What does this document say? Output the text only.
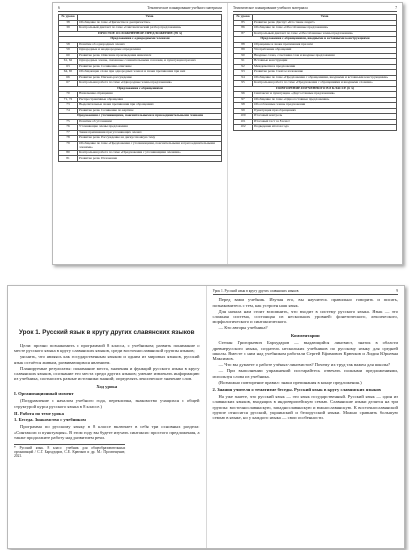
6	Тематическое планирование учебного материала
№ урока	Тема
38	Обобщение по теме «Причастие и деепричастие»
39	Контрольный диктант по теме «Синтаксический разбор предложения»
ПРОСТОЕ ОСЛОЖНЁННОЕ ПРЕДЛОЖЕНИЕ (39 ч)	
Предложения с однородными членами	
58	Понятие об однородных членах
59	Однородные и неоднородные определения
60	Развитие речи. Описание произведения живописи
61, 62	Однородные члены, связанные сочинительными союзами, и пунктуация при них
63	Развитие речи. Сочинение-описание
64, 65	Обобщающие слова при однородных членах и знаки препинания при них
66	Развитие речи. Письмо-рассуждение
67	Контрольная работа по теме «Однородные члены предложения»
Предложения с обращениями	
70	Назначение обращения
71, 72	Распространённые обращения
73	Выделительные знаки препинания при обращениях
74	Развитие речи. Сочинение по картине
Предложения с уточняющими, пояснительными и присоединительными членами	
75	Понятие об уточнении
76	Уточняющие члены предложения
77	Знаки препинания при уточняющих членах
78	Развитие речи. Рассуждение на дискуссионную тему
79	Обобщение по теме «Предложения с уточняющими, пояснительными и присоединительными членами»
80	Контрольная работа по теме «Предложения с уточняющими членами»
81	Развитие речи. Изложение
Тематическое планирование учебного материала	7
№ урока	Тема
85	Развитие речи. Диспут «Кто такие люди?»
86	Обобщение по теме «Обособленные предложения»
87	Контрольный диктант по теме «Обособленные члены предложения»
Предложения с обращениями, вводными и вставными конструкциями	
88	Обращение и знаки препинания при нём
89	Употребление обращений
90	Вводные слова, сочетания слов и вводные предложения
91	Вставные конструкции
92	Междометия в предложении
93	Развитие речи. Сжатое изложение
94	Обобщение по теме «Предложения с обращениями, вводными и вставными конструкциями»
95	Контрольная работа по теме «Предложения с обращениями и вводными словами»
ПОВТОРЕНИЕ ИЗУЧЕННОГО В 8 КЛАССЕ (6 ч)	
96	Синтаксис и пунктуация. «Двусоставные предложения»
97	Обобщение по теме «Односоставные предложения»
98	Обособленные члены предложения
99	Пунктуация при обращениях
100	Итоговый контроль
101	Итоговый тест за 8 класс
102	Подведение итогов года
Урок 1. Русский язык в кругу других славянских языков

Цели: прочно познакомить с программой 8 класса, с учебником; развить понимание о месте русского языка в кругу славянских языков, среди восточнославянской группы языков;

уяснить, что являясь как государственным языком и одним из мировых языков, русский язык остаётся живым, развивающимся явлением.

Планируемые результаты: понимание места, значения и функций русского языка в кругу славянских языков, осознание его места среди других языков; умение извлекать информацию из учебника, соотносить разные источники знаний; определять лексическое значение слов.

Ход урока
I. Организационный момент

(Поздравление с началом учебного года, перекличка, знакомство учащихся с общей структурой курса русского языка в 8 классе.)

II. Работа по теме урока
1. Беседа. Знакомство с учебником

Программа по русскому языку в 8 классе включает в себя три основных раздела: «Синтаксис и пунктуация». В этом году вы будете изучать синтаксис простого предложения, а также продолжите работу над развитием речи.

* Русский язык. 8 класс: учебник для общеобразовательных организаций / С.Г. Бархударов, С.Е. Крючков и др. М.: Просвещение, 2021.
Урок 1. Русский язык в кругу других славянских языков	9

Перед вами учебник. Изучая его, вы научитесь правильно говорить и писать, познакомитесь с тем, как устроен наш язык.

Для начала нам стоит вспомнить, что входит в систему русского языка. Язык — это сложная система, состоящая из нескольких уровней: фонетического, лексического, морфологического и синтаксического.

— Кто авторы учебника?

Комментарии

Степан Григорьевич Бархударов — выдающийся лингвист, знаток в области древнерусского языка, создатель нескольких учебников по русскому языку для средней школы. Вместе с ним над учебником работали Сергей Ефимович Крючков и Лидия Юрьевна Максимов.

— Что вы думаете о работе учёных-лингвистов? Почему их труд так важен для школы?

— При выполнении упражнений постарайтесь отвечать полными предложениями, используя слова из учебника.

(Возможно повторение правил: знаки препинания в конце предложения.)

2. Знания учителя о тематизме беседы. Русский язык в кругу славянских языков

На уже знаете, что русский язык — это язык государственный. Русский язык — один из славянских языков, входящих в индоевропейскую семью. Славянские языки делятся на три группы: восточнославянскую, западнославянскую и южнославянскую. К восточнославянской группе относятся русский, украинский и белорусский языки. Можно сравнить большую семью в языке, но у каждого языка — свои особенности.
